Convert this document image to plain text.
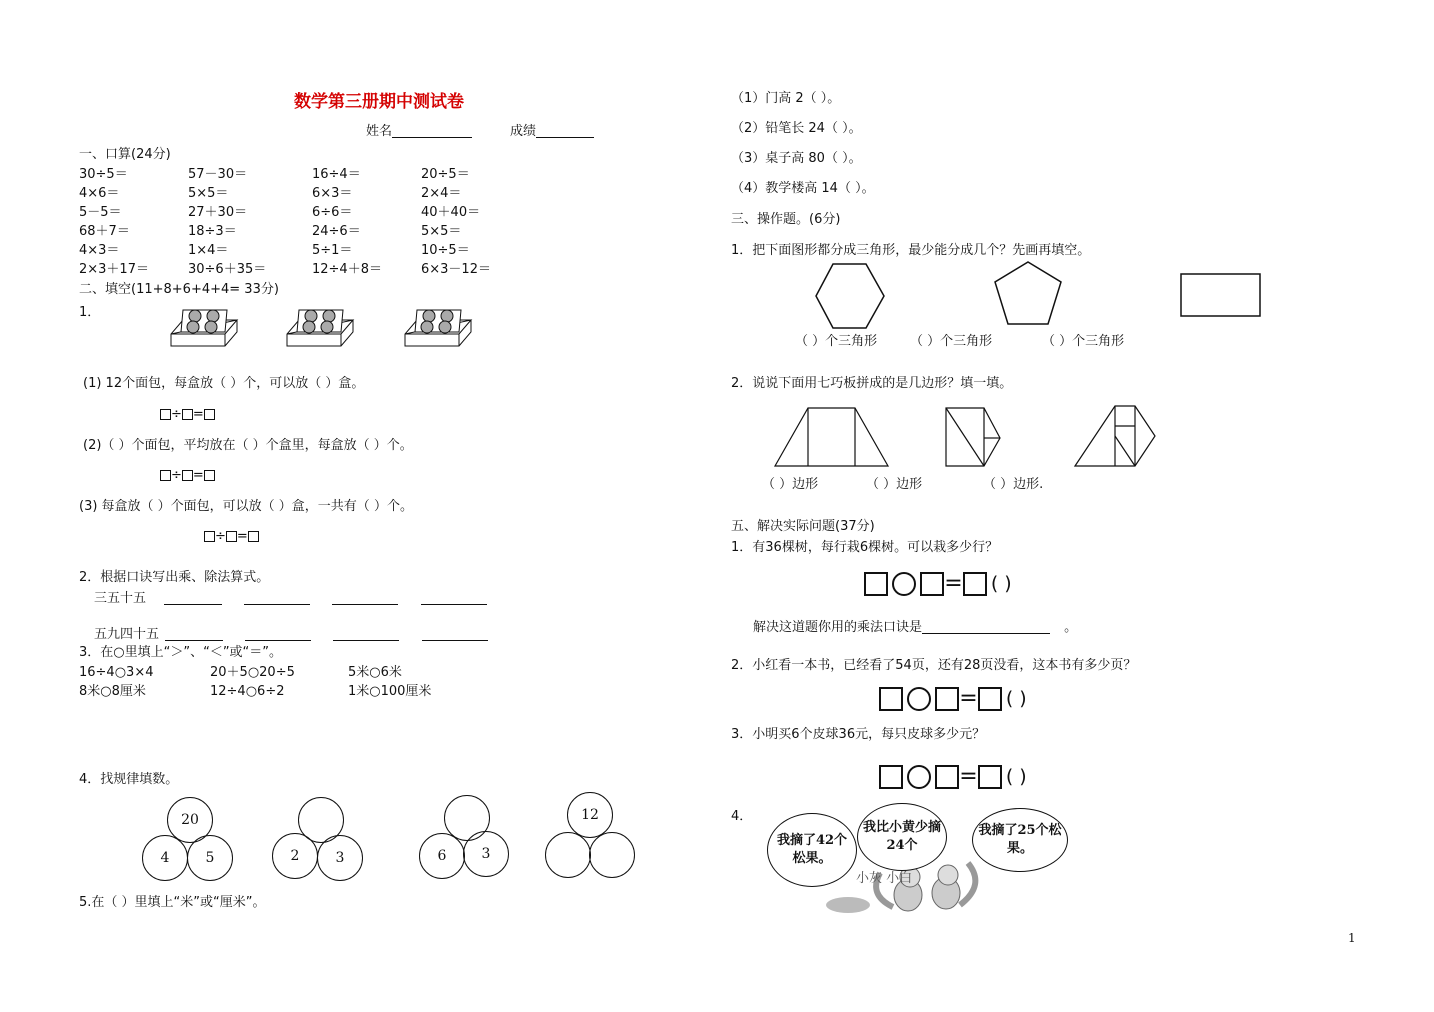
数学第三册期中测试卷
姓名	成绩
一、口算(24分)
30÷5＝	57－30＝	16÷4＝	20÷5＝
4×6＝	5×5＝	6×3＝	2×4＝
5－5＝	27＋30＝	6÷6＝	40＋40＝
68＋7＝	18÷3＝	24÷6＝	5×5＝
4×3＝	1×4＝	5÷1＝	10÷5＝
2×3＋17＝	30÷6＋35＝	12÷4＋8＝	6×3－12＝
二、填空(11+8+6+4+4= 33分)
1．
(1) 12个面包，每盒放（ ）个，可以放（ ）盒。
÷ =
(2)（ ）个面包，平均放在（ ）个盒里，每盒放（ ）个。
÷ =
(3) 每盒放（ ）个面包，可以放（ ）盒，一共有（ ）个。
÷ =
2．根据口诀写出乘、除法算式。
三五十五
五九四十五
3．在○里填上“＞”、“＜”或“＝”。
16÷4○3×4	20＋5○20÷5	5米○6米
8米○8厘米	12÷4○6÷2	1米○100厘米
4．找规律填数。
20
4	5	2	3	6	3
12
5.在（ ）里填上“米”或“厘米”。
（1）门高 2（ ）。
（2）铅笔长 24（ ）。
（3）桌子高 80（ ）。
（4）教学楼高 14（ ）。
三、操作题。(6分)
1．把下面图形都分成三角形，最少能分成几个？先画再填空。
（ ）个三角形	（ ）个三角形	（ ）个三角形
2．说说下面用七巧板拼成的是几边形？填一填。
（ ）边形	（ ）边形	（ ）边形.
五、解决实际问题(37分)
1．有36棵树，每行栽6棵树。可以栽多少行？
= ( )
解决这道题你用的乘法口诀是	。
2．小红看一本书，已经看了54页，还有28页没看，这本书有多少页？
= ( )
3．小明买6个皮球36元，每只皮球多少元？
= ( )
4．
小灰 小白
我摘了42个松果。
我比小黄少摘24个
我摘了25个松果。
1
